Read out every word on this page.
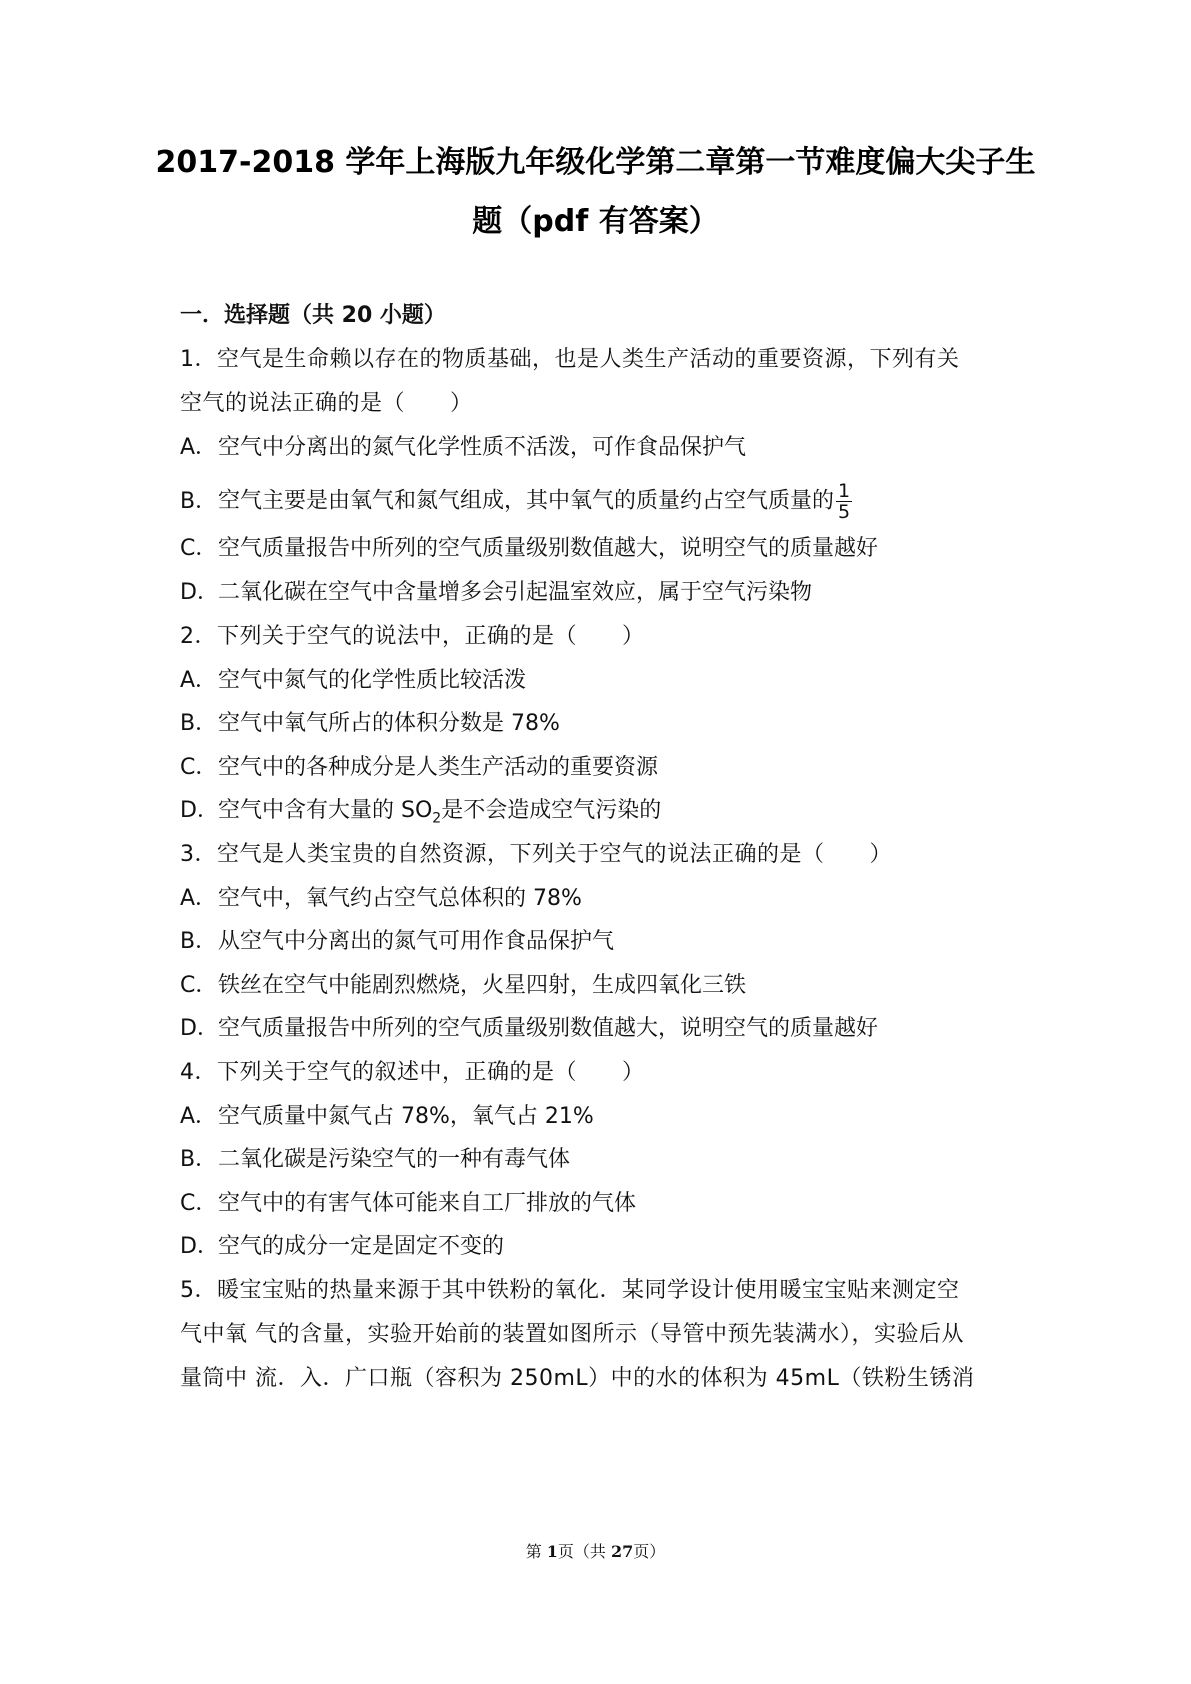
2017-2018 学年上海版九年级化学第二章第一节难度偏大尖子生
题（pdf 有答案）
一．选择题（共 20 小题）
1．空气是生命赖以存在的物质基础，也是人类生产活动的重要资源，下列有关
空气的说法正确的是（　　）
A．空气中分离出的氮气化学性质不活泼，可作食品保护气
B．空气主要是由氧气和氮气组成，其中氧气的质量约占空气质量的 $\frac{1}{5}$
C．空气质量报告中所列的空气质量级别数值越大，说明空气的质量越好
D．二氧化碳在空气中含量增多会引起温室效应，属于空气污染物
2．下列关于空气的说法中，正确的是（　　）
A．空气中氮气的化学性质比较活泼
B．空气中氧气所占的体积分数是 78%
C．空气中的各种成分是人类生产活动的重要资源
D．空气中含有大量的 $SO_2$是不会造成空气污染的
3．空气是人类宝贵的自然资源，下列关于空气的说法正确的是（　　）
A．空气中，氧气约占空气总体积的 78%
B．从空气中分离出的氮气可用作食品保护气
C．铁丝在空气中能剧烈燃烧，火星四射，生成四氧化三铁
D．空气质量报告中所列的空气质量级别数值越大，说明空气的质量越好
4．下列关于空气的叙述中，正确的是（　　）
A．空气质量中氮气占 78%，氧气占 21%
B．二氧化碳是污染空气的一种有毒气体
C．空气中的有害气体可能来自工厂排放的气体
D．空气的成分一定是固定不变的
5．暖宝宝贴的热量来源于其中铁粉的氧化．某同学设计使用暖宝宝贴来测定空
气中氧 气的含量，实验开始前的装置如图所示（导管中预先装满水），实验后从
量筒中 流．入．广口瓶（容积为 250mL）中的水的体积为 45mL（铁粉生锈消
第 1页（共 27页）
